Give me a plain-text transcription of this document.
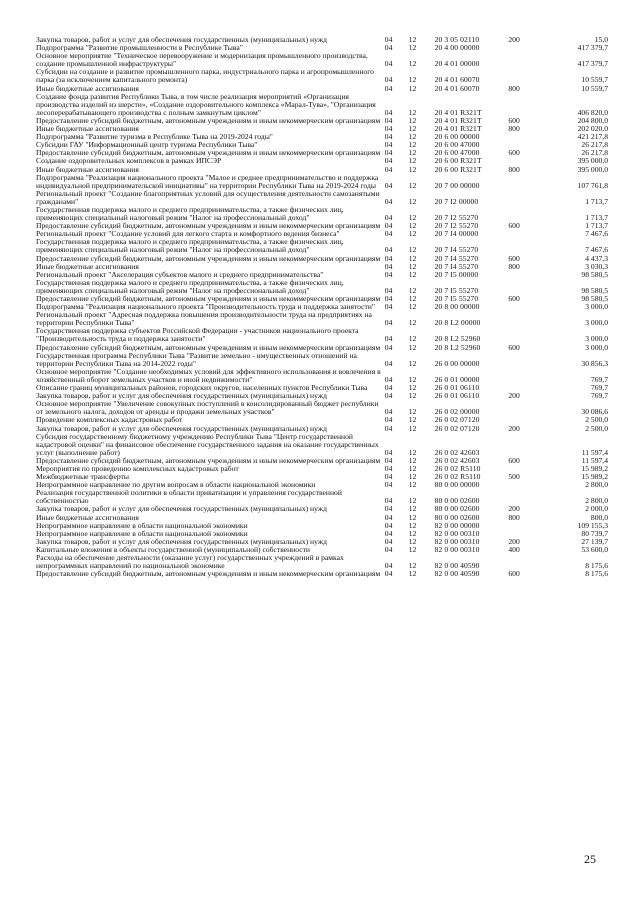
Закупка товаров, работ и услуг для обеспечения государственных (муниципальных) нужд	04	12	20 3 05 02110	200	15,0
Подпрограмма "Развитие промышленности в Республике Тыва"	04	12	20 4 00 00000	417 379,7
Основное мероприятие "Техническое перевооружение и модернизация промышленного производства, создание промышленной инфраструктуры"	04	12	20 4 01 00000	417 379,7
Субсидии на создание и развитие промышленного парка, индустриального парка и агропромышленного парка (за исключением капитального ремонта)	04	12	20 4 01 60070	10 559,7
Иные бюджетные ассигнования	04	12	20 4 01 60070	800	10 559,7
Создание фонда развития Республики Тыва, в том числе реализация мероприятий «Организация производства изделий из шерсти», «Создание оздоровительного комплекса «Марал-Тува», "Организация лесоперерабатывающего производства с полным замкнутым циклом"	04	12	20 4 01 R321Т	406 820,0
Предоставление субсидий бюджетным, автономным учреждениям и иным некоммерческим организациям 04	12	20 4 01 R321Т	600	204 800,0
Иные бюджетные ассигнования	04	12	20 4 01 R321Т	800	202 020,0
Подпрограмма "Развитие туризма в Республике Тыва на 2019-2024 годы"	04	12	20 6 00 00000	421 217,8
Субсидии ГАУ "Информационный центр туризма Республики Тыва"	04	12	20 6 00 47000	26 217,8
Предоставление субсидий бюджетным, автономным учреждениям и иным некоммерческим организациям 04	12	20 6 00 47000	600	26 217,8
Создание оздоровительных комплексов в рамках ИПСЭР	04	12	20 6 00 R321Т	395 000,0
Иные бюджетные ассигнования	04	12	20 6 00 R321Т	800	395 000,0
Подпрограмма "Реализация национального проекта "Малое и среднее предпринимательство и поддержка индивидуальной предпринимательской инициативы" на территории Республики Тыва на 2019-2024 годы	04	12	20 7 00 00000	107 761,8
Региональный проект "Создание благоприятных условий для осуществления деятельности самозанятыми гражданами"	04	12	20 7 I2 00000	1 713,7
Государственная поддержка малого и среднего предпринимательства, а также физических лиц, применяющих специальный налоговый режим "Налог на профессиональный доход"	04	12	20 7 I2 55270	1 713,7
Предоставление субсидий бюджетным, автономным учреждениям и иным некоммерческим организациям 04	12	20 7 I2 55270	600	1 713,7
Региональный проект "Создание условий для легкого старта и комфортного ведения бизнеса"	04	12	20 7 I4 00000	7 467,6
Государственная поддержка малого и среднего предпринимательства, а также физических лиц, применяющих специальный налоговый режим "Налог на профессиональный доход"	04	12	20 7 I4 55270	7 467,6
Предоставление субсидий бюджетным, автономным учреждениям и иным некоммерческим организациям 04	12	20 7 I4 55270	600	4 437,3
Иные бюджетные ассигнования	04	12	20 7 I4 55270	800	3 030,3
Региональный проект "Акселерация субъектов малого и среднего предпринимательства"	04	12	20 7 I5 00000	98 580,5
Государственная поддержка малого и среднего предпринимательства, а также физических лиц, применяющих специальный налоговый режим "Налог на профессиональный доход"	04	12	20 7 I5 55270	98 580,5
Предоставление субсидий бюджетным, автономным учреждениям и иным некоммерческим организациям 04	12	20 7 I5 55270	600	98 580,5
Подпрограмма "Реализация национального проекта "Производительность труда и поддержка занятости"	04	12	20 8 00 00000	3 000,0
Региональный проект "Адресная поддержка повышения производительности труда на предприятиях на территории Республики Тыва"	04	12	20 8 L2 00000	3 000,0
Государственная поддержка субъектов Российской Федерации - участников национального проекта "Производительность труда и поддержка занятости"	04	12	20 8 L2 52960	3 000,0
Предоставление субсидий бюджетным, автономным учреждениям и иным некоммерческим организациям 04	12	20 8 L2 52960	600	3 000,0
Государственная программа Республики Тыва "Развитие земельно - имущественных отношений на территории Республики Тыва на 2014-2022 годы"	04	12	26 0 00 00000	30 856,3
Основное мероприятие "Создание необходимых условий для эффективного использования и вовлечения в хозяйственный оборот земельных участков и иной недвижимости"	04	12	26 0 01 00000	769,7
Описание границ муниципальных районов, городских округов, населенных пунктов Республики Тыва	04	12	26 0 01 06110	769,7
Закупка товаров, работ и услуг для обеспечения государственных (муниципальных) нужд	04	12	26 0 01 06110	200	769,7
Основное мероприятие "Увеличение совокупных поступлений в консолидированный бюджет республики от земельного налога, доходов от аренды и продажи земельных участков"	04	12	26 0 02 00000	30 086,6
Проведение комплексных кадастровых работ	04	12	26 0 02 07120	2 500,0
Закупка товаров, работ и услуг для обеспечения государственных (муниципальных) нужд	04	12	26 0 02 07120	200	2 500,0
Субсидия государственному бюджетному учреждению Республики Тыва "Центр государственной кадастровой оценки" на финансовое обеспечение государственного задания на оказание государственных услуг (выполнение работ)	04	12	26 0 02 42603	11 597,4
Предоставление субсидий бюджетным, автономным учреждениям и иным некоммерческим организациям 04	12	26 0 02 42603	600	11 597,4
Мероприятия по проведению комплексных кадастровых работ	04	12	26 0 02 R5110	15 989,2
Межбюджетные трансферты	04	12	26 0 02 R5110	500	15 989,2
Непрограммное направление по другим вопросам в области национальной экономики	04	12	80 0 00 00000	2 800,0
Реализация государственной политики в области приватизации и управления государственной собственностью	04	12	80 0 00 02600	2 800,0
Закупка товаров, работ и услуг для обеспечения государственных (муниципальных) нужд	04	12	80 0 00 02600	200	2 000,0
Иные бюджетные ассигнования	04	12	80 0 00 02600	800	800,0
Непрограммное направление в области национальной экономики	04	12	82 0 00 00000	109 155,3
Непрограммное направление в области национальной экономики	04	12	82 0 00 00310	80 739,7
Закупка товаров, работ и услуг для обеспечения государственных (муниципальных) нужд	04	12	82 0 00 00310	200	27 139,7
Капитальные вложения в объекты государственной (муниципальной) собственности	04	12	82 0 00 00310	400	53 600,0
Расходы на обеспечение деятельности (оказание услуг) государственных учреждений в рамках непрограммных направлений по национальной экономике	04	12	82 0 00 40590	8 175,6
Предоставление субсидий бюджетным, автономным учреждениям и иным некоммерческим организациям 04	12	82 0 00 40590	600	8 175,6
25
